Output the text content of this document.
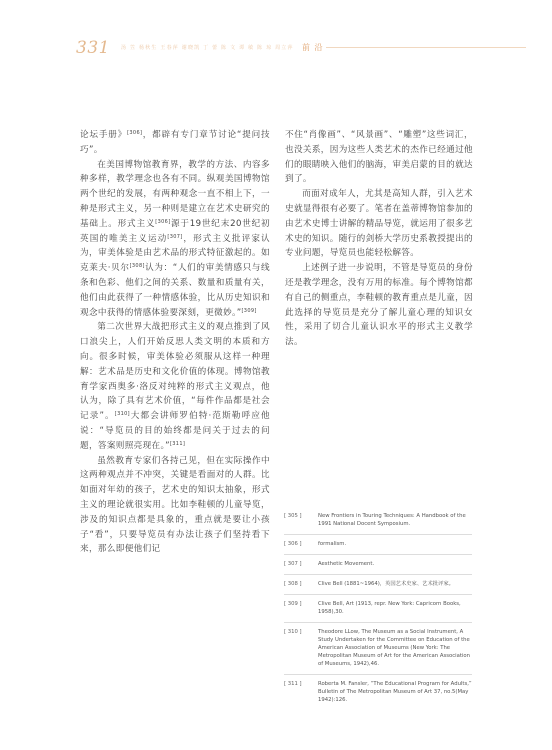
331 汤 笠 杨秋生 王春萍 谢晓凯 丁 蕾 陈 文 谭 敏 陈 琼 周立萍 前 沿

论坛手册》[306]，都辟有专门章节讨论“提问技巧”。

在美国博物馆教育界，教学的方法、内容多种多样，教学理念也各有不同。纵观美国博物馆两个世纪的发展，有两种观念一直不相上下，一种是形式主义，另一种则是建立在艺术史研究的基础上。形式主义[306]源于19世纪末20世纪初英国的唯美主义运动[307]，形式主义批评家认为，审美体验是由艺术品的形式特征激起的。如克莱夫·贝尔[308]认为：“人们的审美情感只与线条和色彩、他们之间的关系、数量和质量有关，他们由此获得了一种情感体验，比从历史知识和观念中获得的情感体验要深刻，更微妙。”[309]

第二次世界大战把形式主义的观点推到了风口浪尖上，人们开始反思人类文明的本质和方向。很多时候，审美体验必须服从这样一种理解：艺术品是历史和文化价值的体现。博物馆教育学家西奥多·洛反对纯粹的形式主义观点，他认为，除了具有艺术价值，“每件作品都是社会记录”。[310]大都会讲师罗伯特·范斯勒呼应他说：“导览员的目的始终都是问关于过去的问题，答案则照亮现在。”[311]

虽然教育专家们各持己见，但在实际操作中这两种观点并不冲突，关键是看面对的人群。比如面对年幼的孩子，艺术史的知识太抽象，形式主义的理论就很实用。比如李鞋顿的儿童导览，涉及的知识点都是具象的，重点就是要让小孩子“看”，只要导览员有办法让孩子们坚持看下来，那么即便他们记

不住“肖像画”、“风景画”、“雕塑”这些词汇，也没关系，因为这些人类艺术的杰作已经通过他们的眼睛映入他们的脑海，审美启蒙的目的就达到了。

而面对成年人，尤其是高知人群，引入艺术史就显得很有必要了。笔者在盖蒂博物馆参加的由艺术史博士讲解的精品导览，就运用了很多艺术史的知识。随行的剑桥大学历史系教授提出的专业问题，导览员也能轻松解答。

上述例子进一步说明，不管是导览员的身份还是教学理念，没有万用的标准。每个博物馆都有自己的侧重点，李鞋顿的教育重点是儿童，因此选择的导览员是充分了解儿童心理的知识女性，采用了切合儿童认识水平的形式主义教学法。

[ 305 ]	New Frontiers in Touring Techniques: A Handbook of the 1991 National Docent Symposium.
[ 306 ]	formalism.
[ 307 ]	Aesthetic Movement.
[ 308 ]	Clive Bell (1881~1964)，英国艺术史家、艺术批评家。
[ 309 ]	Clive Bell, Art (1913, repr. New York: Capricorn Books, 1958),30.
[ 310 ]	Theodore LLow, The Museum as a Social Instrument, A Study Undertaken for the Committee on Education of the American Association of Museums (New York: The Metropolitan Museum of Art for the American Association of Museums, 1942),46.
[ 311 ]	Roberta M. Fansler, “The Educational Program for Adults,” Bulletin of The Metropolitan Museum of Art 37, no.5(May 1942):126.
